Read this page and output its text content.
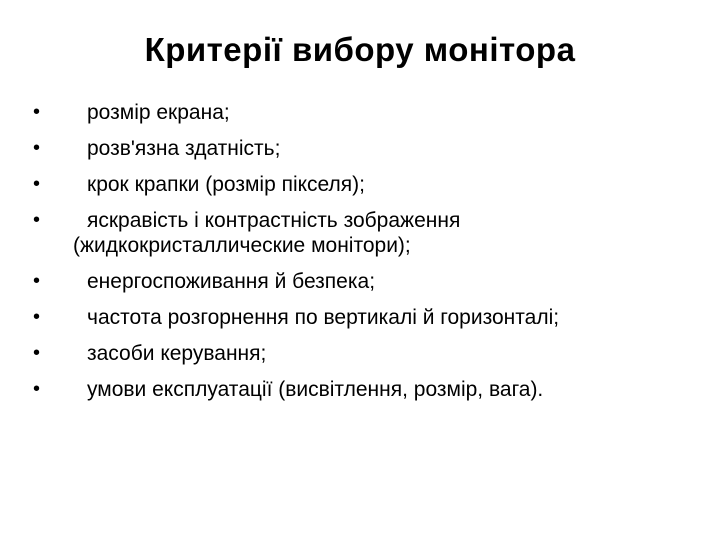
Критерії вибору монітора
•	розмір екрана;
•	розв'язна здатність;
•	крок крапки (розмір пікселя);
•	яскравість і контрастність зображення (жидкокристаллические монітори);
•	енергоспоживання й безпека;
•	частота розгорнення по вертикалі й горизонталі;
•	засоби керування;
•	умови експлуатації (висвітлення, розмір, вага).
